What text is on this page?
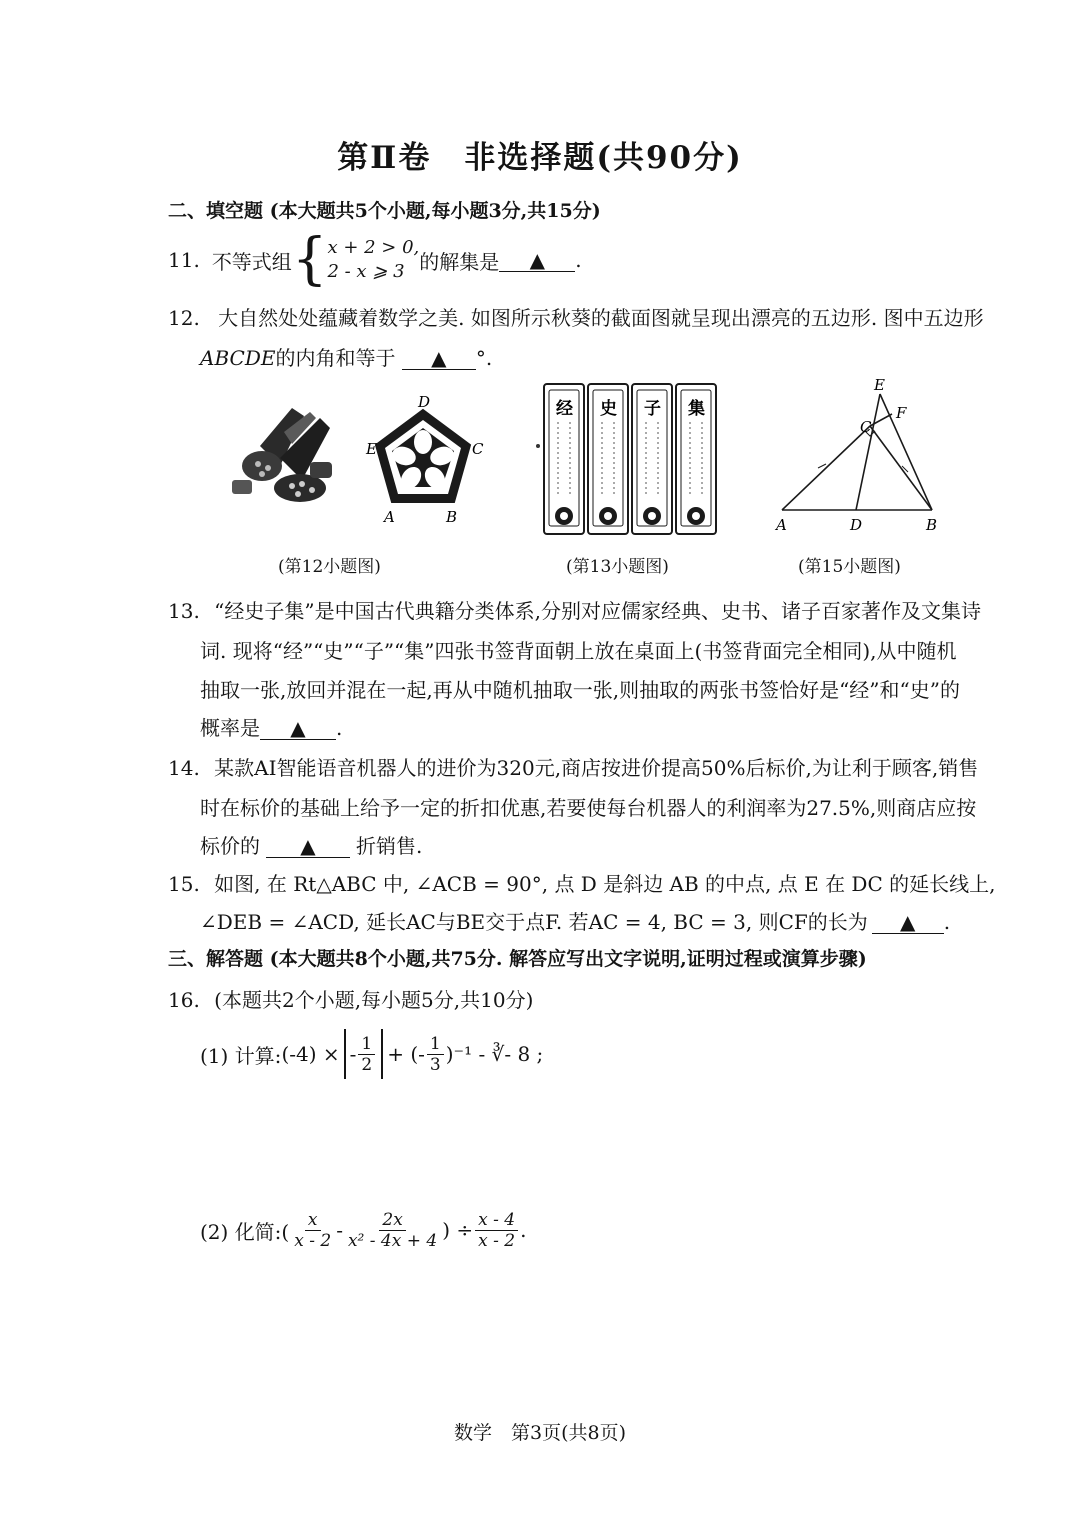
第Ⅱ卷　非选择题(共90分)
二、填空题 (本大题共5个小题,每小题3分,共15分)
11. 不等式组 { x + 2 > 0,
2 - x ⩾ 3 的解集是	▲	.
12. 大自然处处蕴藏着数学之美. 如图所示秋葵的截面图就呈现出漂亮的五边形. 图中五边形
ABCDE的内角和等于 ▲ °.
D
E	C
A	B
经 史 子 集
E
F
C
A	D	B
(第12小题图)	(第13小题图)	(第15小题图)
13. “经史子集”是中国古代典籍分类体系,分别对应儒家经典、史书、诸子百家著作及文集诗
词. 现将“经”“史”“子”“集”四张书签背面朝上放在桌面上(书签背面完全相同),从中随机
抽取一张,放回并混在一起,再从中随机抽取一张,则抽取的两张书签恰好是“经”和“史”的
概率是 ▲ .
14. 某款AI智能语音机器人的进价为320元,商店按进价提高50%后标价,为让利于顾客,销售
时在标价的基础上给予一定的折扣优惠,若要使每台机器人的利润率为27.5%,则商店应按
标价的 ▲ 折销售.
15. 如图, 在 Rt△ABC 中, ∠ACB = 90°, 点 D 是斜边 AB 的中点, 点 E 在 DC 的延长线上,
∠DEB = ∠ACD, 延长AC与BE交于点F. 若AC = 4, BC = 3, 则CF的长为 ▲ .
三、解答题 (本大题共8个小题,共75分. 解答应写出文字说明,证明过程或演算步骤)
16. (本题共2个小题,每小题5分,共10分)
(1) 计算: (-4) × - $\frac{1}{2}$ + (- $\frac{1}{3} )^{-1}$ - ∛- 8 ;
(2) 化简:( $\frac{x}{x - 2} - \frac{2x}{\text{x² - 4x + 4}}$ ) ÷ $\frac{x - 4}{x - 2}$ .
数学　第3页(共8页)
